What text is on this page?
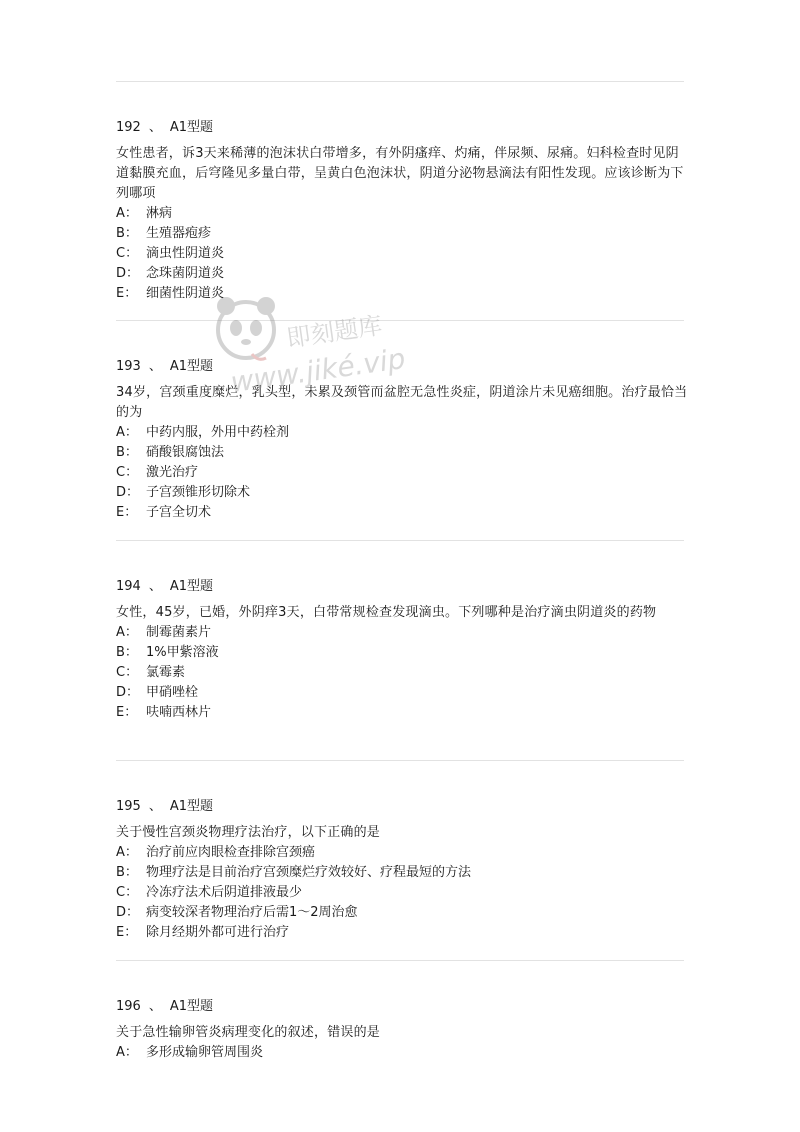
192 、 A1型题

女性患者，诉3天来稀薄的泡沫状白带增多，有外阴瘙痒、灼痛，伴尿频、尿痛。妇科检查时见阴道黏膜充血，后穹隆见多量白带，呈黄白色泡沫状，阴道分泌物悬滴法有阳性发现。应该诊断为下列哪项

A： 淋病
B： 生殖器疱疹
C： 滴虫性阴道炎
D： 念珠菌阴道炎
E： 细菌性阴道炎
193 、 A1型题

34岁，宫颈重度糜烂，乳头型，未累及颈管而盆腔无急性炎症，阴道涂片未见癌细胞。治疗最恰当的为

A： 中药内服，外用中药栓剂
B： 硝酸银腐蚀法
C： 激光治疗
D： 子宫颈锥形切除术
E： 子宫全切术
194 、 A1型题

女性，45岁，已婚，外阴痒3天，白带常规检查发现滴虫。下列哪种是治疗滴虫阴道炎的药物

A： 制霉菌素片
B： 1%甲紫溶液
C： 氯霉素
D： 甲硝唑栓
E： 呋喃西林片
195 、 A1型题

关于慢性宫颈炎物理疗法治疗，以下正确的是

A： 治疗前应肉眼检查排除宫颈癌
B： 物理疗法是目前治疗宫颈糜烂疗效较好、疗程最短的方法
C： 冷冻疗法术后阴道排液最少
D： 病变较深者物理治疗后需1～2周治愈
E： 除月经期外都可进行治疗
196 、 A1型题

关于急性输卵管炎病理变化的叙述，错误的是

A： 多形成输卵管周围炎
即刻题库
www.jiké.vip
